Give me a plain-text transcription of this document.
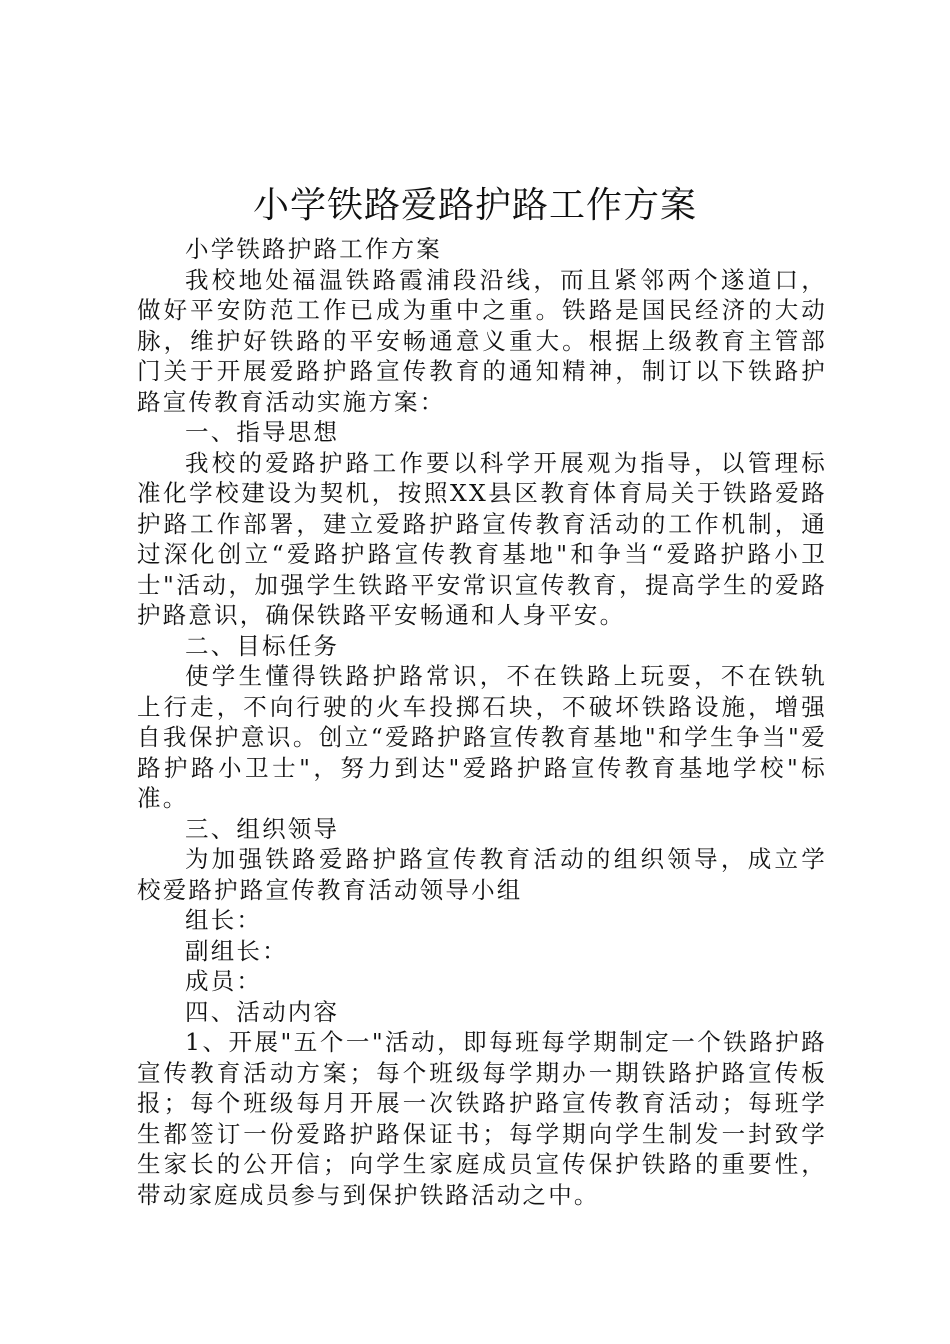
小学铁路爱路护路工作方案

小学铁路护路工作方案

我校地处福温铁路霞浦段沿线，而且紧邻两个遂道口，做好平安防范工作已成为重中之重。铁路是国民经济的大动脉，维护好铁路的平安畅通意义重大。根据上级教育主管部门关于开展爱路护路宣传教育的通知精神，制订以下铁路护路宣传教育活动实施方案：

一、指导思想

我校的爱路护路工作要以科学开展观为指导，以管理标准化学校建设为契机，按照XX县区教育体育局关于铁路爱路护路工作部署，建立爱路护路宣传教育活动的工作机制，通过深化创立“爱路护路宣传教育基地"和争当“爱路护路小卫士"活动，加强学生铁路平安常识宣传教育，提高学生的爱路护路意识，确保铁路平安畅通和人身平安。

二、目标任务

使学生懂得铁路护路常识，不在铁路上玩耍，不在铁轨上行走，不向行驶的火车投掷石块，不破坏铁路设施，增强自我保护意识。创立“爱路护路宣传教育基地"和学生争当"爱路护路小卫士"，努力到达"爱路护路宣传教育基地学校"标准。

三、组织领导

为加强铁路爱路护路宣传教育活动的组织领导，成立学校爱路护路宣传教育活动领导小组

组长：

副组长：

成员：

四、活动内容

1、开展"五个一"活动，即每班每学期制定一个铁路护路宣传教育活动方案；每个班级每学期办一期铁路护路宣传板报；每个班级每月开展一次铁路护路宣传教育活动；每班学生都签订一份爱路护路保证书；每学期向学生制发一封致学生家长的公开信；向学生家庭成员宣传保护铁路的重要性，带动家庭成员参与到保护铁路活动之中。
